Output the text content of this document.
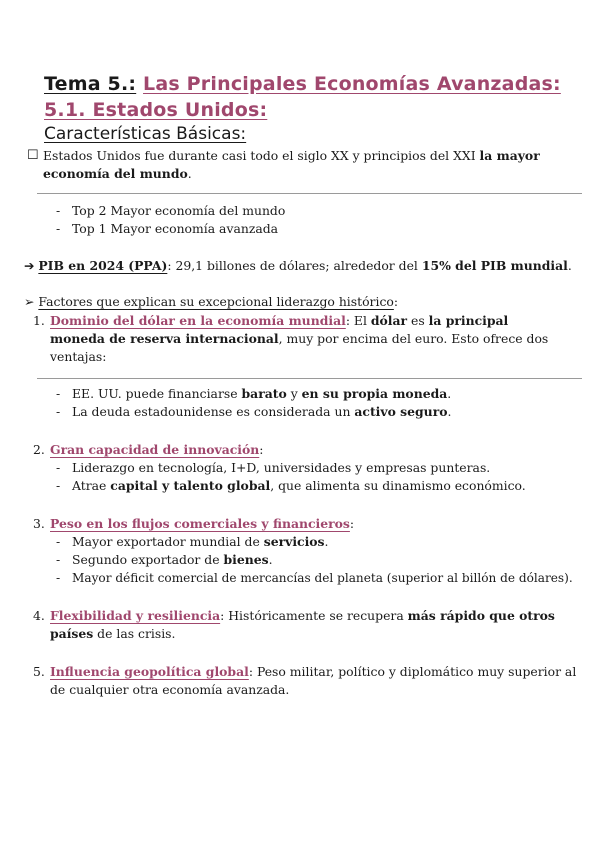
Tema 5.: Las Principales Economías Avanzadas:
5.1. Estados Unidos:
Características Básicas:
☐ Estados Unidos fue durante casi todo el siglo XX y principios del XXI la mayor
economía del mundo.
- Top 2 Mayor economía del mundo
- Top 1 Mayor economía avanzada
➔ PIB en 2024 (PPA): 29,1 billones de dólares; alrededor del 15% del PIB mundial.
➢ Factores que explican su excepcional liderazgo histórico:
1. Dominio del dólar en la economía mundial: El dólar es la principal
moneda de reserva internacional, muy por encima del euro. Esto ofrece dos
ventajas:
- EE. UU. puede financiarse barato y en su propia moneda.
- La deuda estadounidense es considerada un activo seguro.
2. Gran capacidad de innovación:
- Liderazgo en tecnología, I+D, universidades y empresas punteras.
- Atrae capital y talento global, que alimenta su dinamismo económico.
3. Peso en los flujos comerciales y financieros:
- Mayor exportador mundial de servicios.
- Segundo exportador de bienes.
- Mayor déficit comercial de mercancías del planeta (superior al billón de dólares).
4. Flexibilidad y resiliencia: Históricamente se recupera más rápido que otros
países de las crisis.
5. Influencia geopolítica global: Peso militar, político y diplomático muy superior al
de cualquier otra economía avanzada.
